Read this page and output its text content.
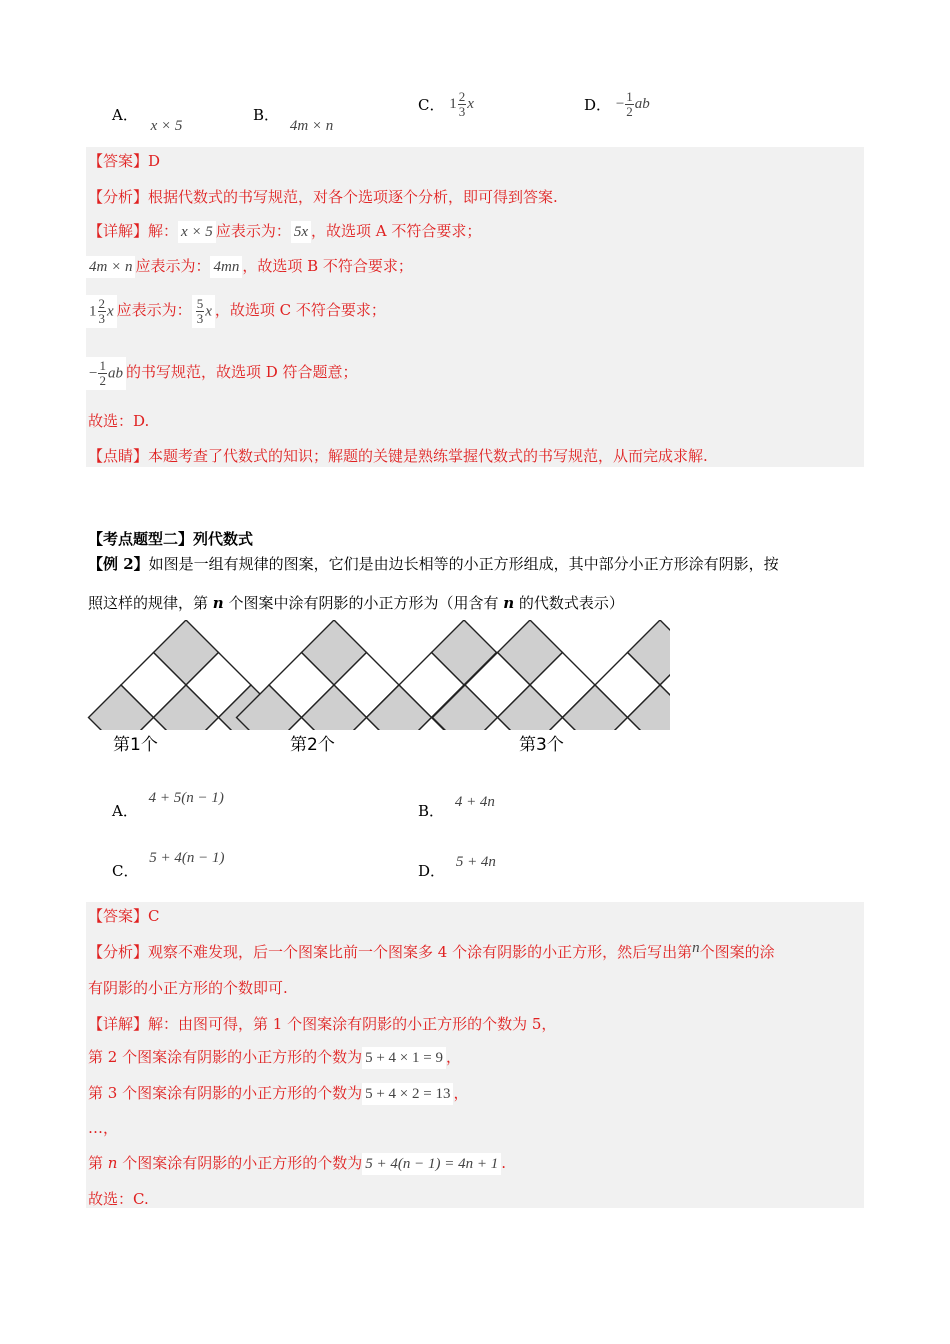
A． x × 5
B． 4m × n
C． $1 \frac{2}{3}$ x	D． − $\frac{1}{2}$ ab
【答案】D
【分析】根据代数式的书写规范，对各个选项逐个分析，即可得到答案.
【详解】解： x × 5 应表示为： 5x ，故选项 A 不符合要求；
4m × n 应表示为： 4mn ，故选项 B 不符合要求；
$1 \frac{2}{3}$ x 应表示为： $\frac{5}{3}$ x ，故选项 C 不符合要求；
− $\frac{1}{2}$ ab 的书写规范，故选项 D 符合题意；
故选：D.
【点睛】本题考查了代数式的知识；解题的关键是熟练掌握代数式的书写规范，从而完成求解.
【考点题型二】列代数式
【例 2】如图是一组有规律的图案，它们是由边长相等的小正方形组成，其中部分小正方形涂有阴影，按
照这样的规律，第 n 个图案中涂有阴影的小正方形为（用含有 n 的代数式表示）
第1个	第2个	第3个
A． 4 + 5(n − 1)
B． 4 + 4n
C． 5 + 4(n − 1)
D． 5 + 4n
【答案】C
【分析】观察不难发现，后一个图案比前一个图案多 4 个涂有阴影的小正方形，然后写出第n个图案的涂
有阴影的小正方形的个数即可.
【详解】解：由图可得，第 1 个图案涂有阴影的小正方形的个数为 5，
第 2 个图案涂有阴影的小正方形的个数为 5 + 4 × 1 = 9 ，
第 3 个图案涂有阴影的小正方形的个数为 5 + 4 × 2 = 13 ，
…，
第 n 个图案涂有阴影的小正方形的个数为 5 + 4(n − 1) = 4n + 1 .
故选：C.
